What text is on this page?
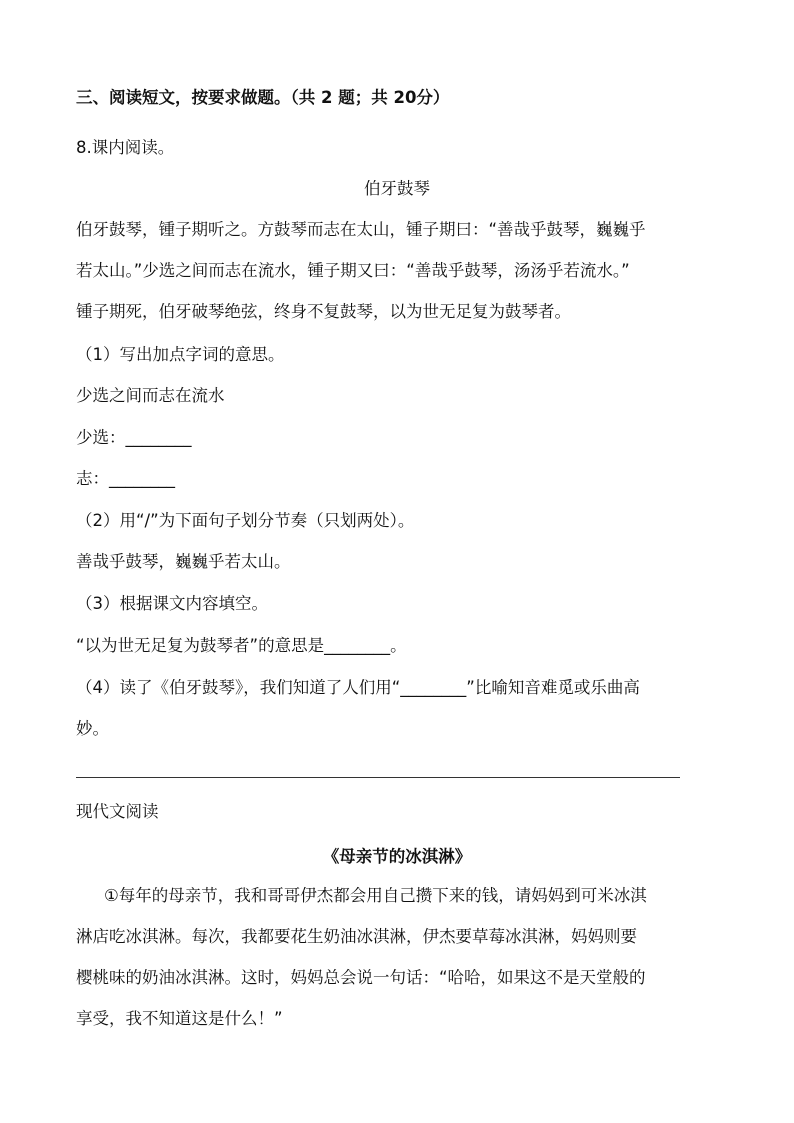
三、阅读短文，按要求做题。（共 2 题；共 20分）
8.课内阅读。
伯牙鼓琴
伯牙鼓琴，锺子期听之。方鼓琴而志在太山，锺子期曰：“善哉乎鼓琴，巍巍乎
若太山。”少选之间而志在流水，锺子期又曰：“善哉乎鼓琴，汤汤乎若流水。”
锺子期死，伯牙破琴绝弦，终身不复鼓琴，以为世无足复为鼓琴者。
（1）写出加点字词的意思。
少选之间而志在流水
少选：________
志：________
（2）用“/”为下面句子划分节奏（只划两处）。
善哉乎鼓琴，巍巍乎若太山。
（3）根据课文内容填空。
“以为世无足复为鼓琴者”的意思是________。
（4）读了《伯牙鼓琴》，我们知道了人们用“________”比喻知音难觅或乐曲高
妙。
现代文阅读
《母亲节的冰淇淋》
①每年的母亲节，我和哥哥伊杰都会用自己攒下来的钱，请妈妈到可米冰淇
淋店吃冰淇淋。每次，我都要花生奶油冰淇淋，伊杰要草莓冰淇淋，妈妈则要
樱桃味的奶油冰淇淋。这时，妈妈总会说一句话：“哈哈，如果这不是天堂般的
享受，我不知道这是什么！”
